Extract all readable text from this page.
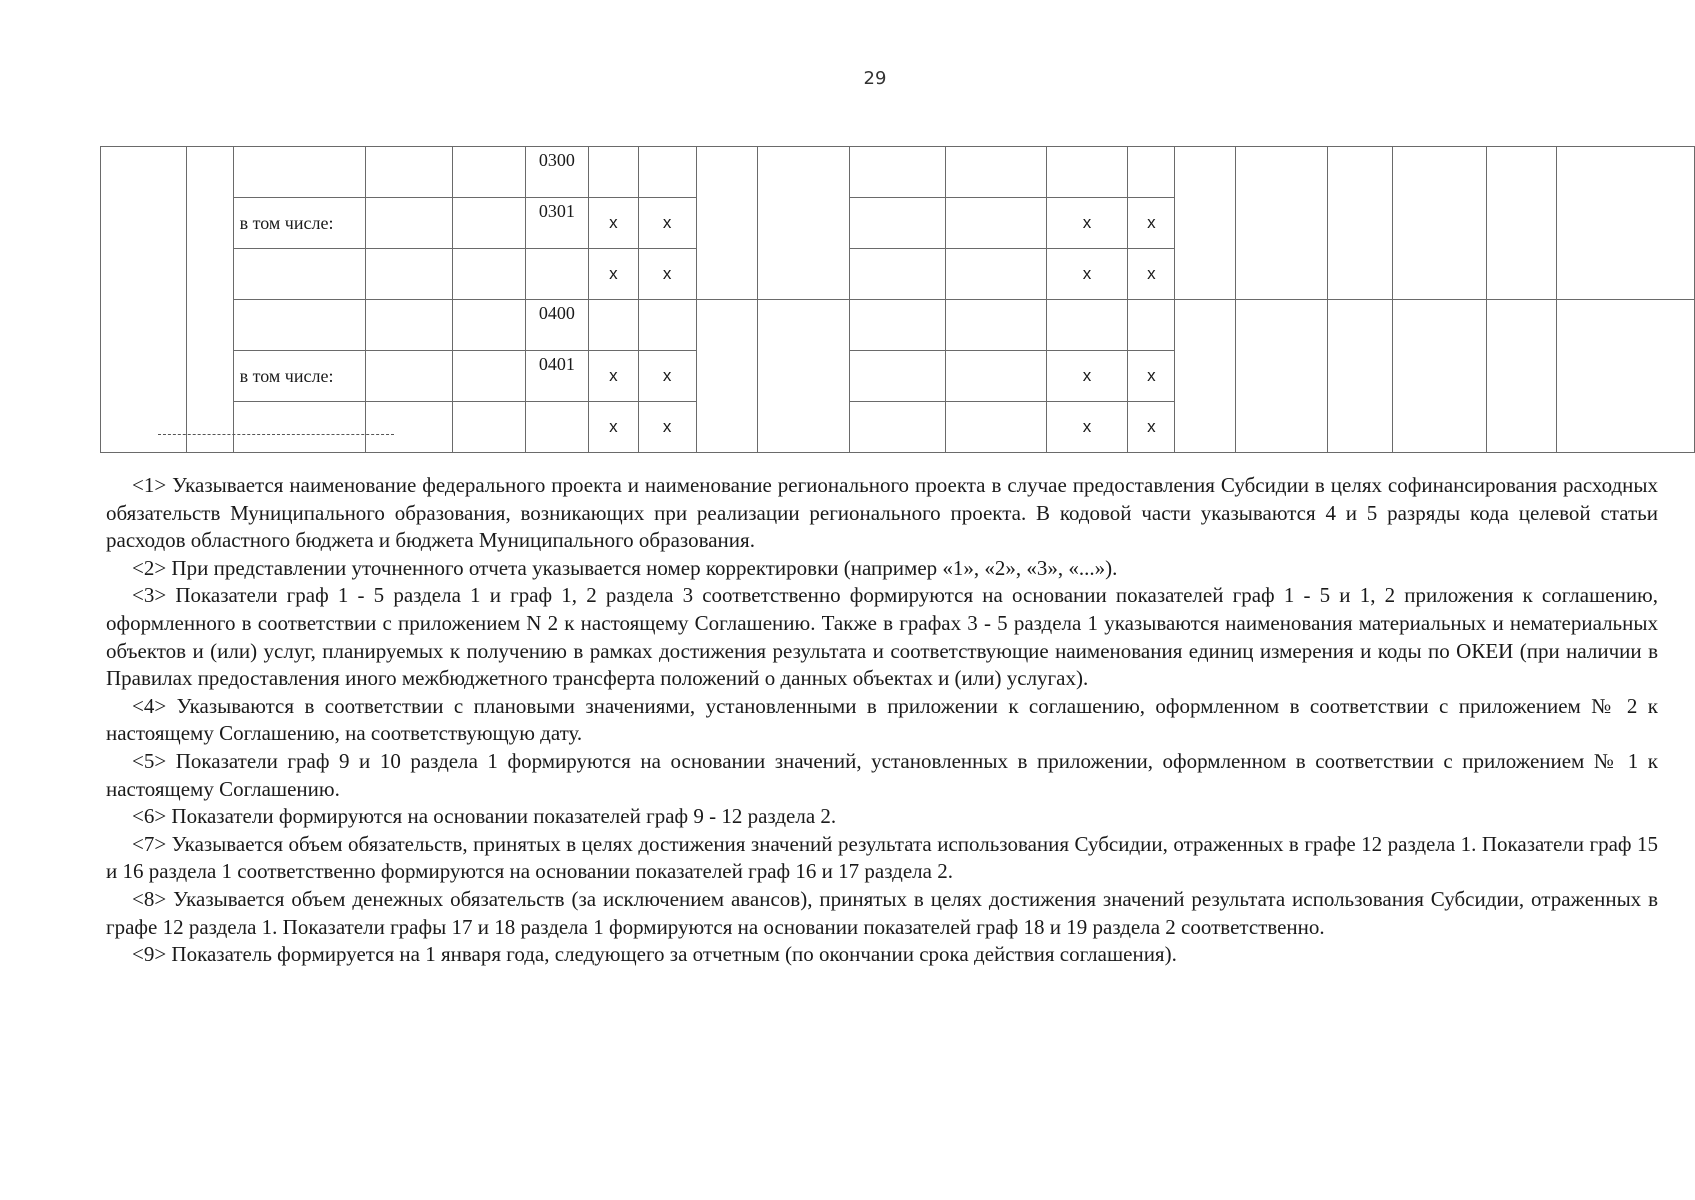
29
					0300														
		в том числе:			0301	x	x					x	x						
						x	x					x	x						
					0400														
		в том числе:			0401	x	x					x	x						
						x	x					x	x						

<1> Указывается наименование федерального проекта и наименование регионального проекта в случае предоставления Субсидии в целях софинансирования расходных обязательств Муниципального образования, возникающих при реализации регионального проекта. В кодовой части указываются 4 и 5 разряды кода целевой статьи расходов областного бюджета и бюджета Муниципального образования.

<2> При представлении уточненного отчета указывается номер корректировки (например «1», «2», «3», «...»).

<3> Показатели граф 1 - 5 раздела 1 и граф 1, 2 раздела 3 соответственно формируются на основании показателей граф 1 - 5 и 1, 2 приложения к соглашению, оформленного в соответствии с приложением N 2 к настоящему Соглашению. Также в графах 3 - 5 раздела 1 указываются наименования материальных и нематериальных объектов и (или) услуг, планируемых к получению в рамках достижения результата и соответствующие наименования единиц измерения и коды по ОКЕИ (при наличии в Правилах предоставления иного межбюджетного трансферта положений о данных объектах и (или) услугах).

<4> Указываются в соответствии с плановыми значениями, установленными в приложении к соглашению, оформленном в соответствии с приложением № 2 к настоящему Соглашению, на соответствующую дату.

<5> Показатели граф 9 и 10 раздела 1 формируются на основании значений, установленных в приложении, оформленном в соответствии с приложением № 1 к настоящему Соглашению.

<6> Показатели формируются на основании показателей граф 9 - 12 раздела 2.

<7> Указывается объем обязательств, принятых в целях достижения значений результата использования Субсидии, отраженных в графе 12 раздела 1. Показатели граф 15 и 16 раздела 1 соответственно формируются на основании показателей граф 16 и 17 раздела 2.

<8> Указывается объем денежных обязательств (за исключением авансов), принятых в целях достижения значений результата использования Субсидии, отраженных в графе 12 раздела 1. Показатели графы 17 и 18 раздела 1 формируются на основании показателей граф 18 и 19 раздела 2 соответственно.

<9> Показатель формируется на 1 января года, следующего за отчетным (по окончании срока действия соглашения).
